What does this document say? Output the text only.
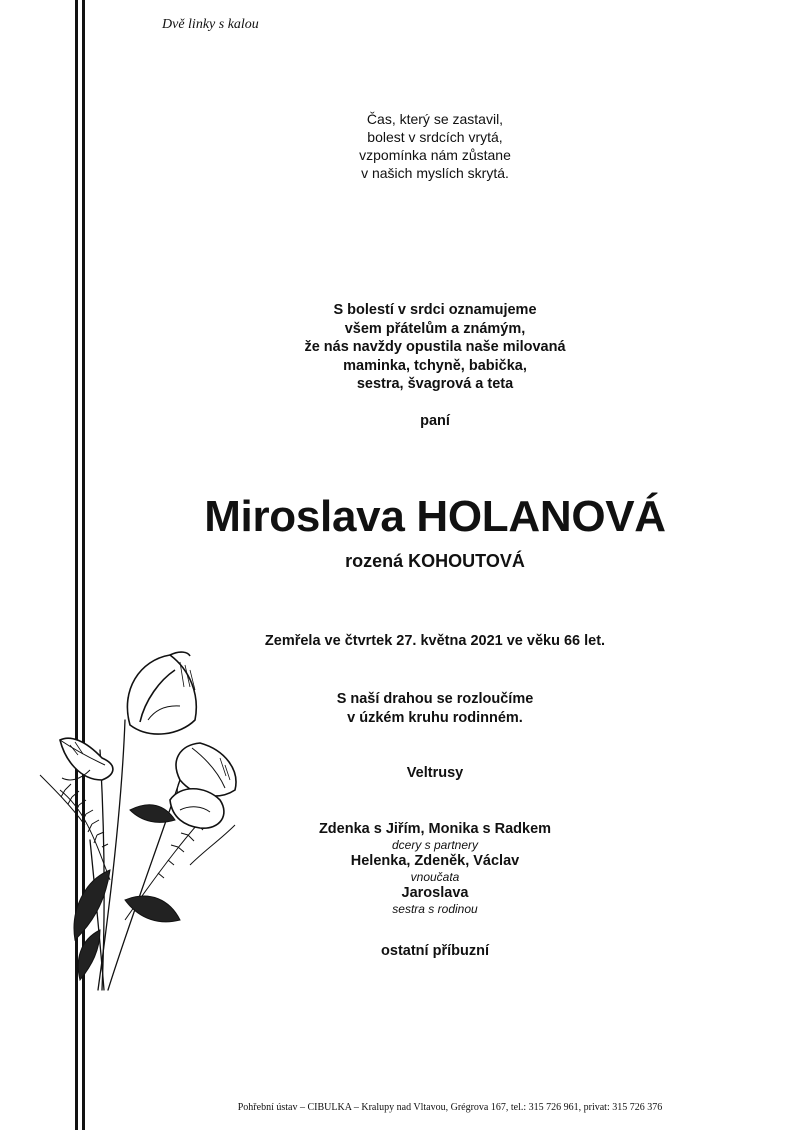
Dvě linky s kalou
Čas, který se zastavil,
bolest v srdcích vrytá,
vzpomínka nám zůstane
v našich myslích skrytá.
S bolestí v srdci oznamujeme
všem přátelům a známým,
že nás navždy opustila naše milovaná
maminka, tchyně, babička,
sestra, švagrová a teta
paní
Miroslava HOLANOVÁ
rozená KOHOUTOVÁ
Zemřela ve čtvrtek 27. května 2021 ve věku 66 let.
S naší drahou se rozloučíme
v úzkém kruhu rodinném.
Veltrusy
Zdenka s Jiřím, Monika s Radkem
dcery s partnery
Helenka, Zdeněk, Václav
vnoučata
Jaroslava
sestra s rodinou
ostatní příbuzní
Pohřební ústav – CIBULKA – Kralupy nad Vltavou, Grégrova 167, tel.: 315 726 961, privat: 315 726 376
